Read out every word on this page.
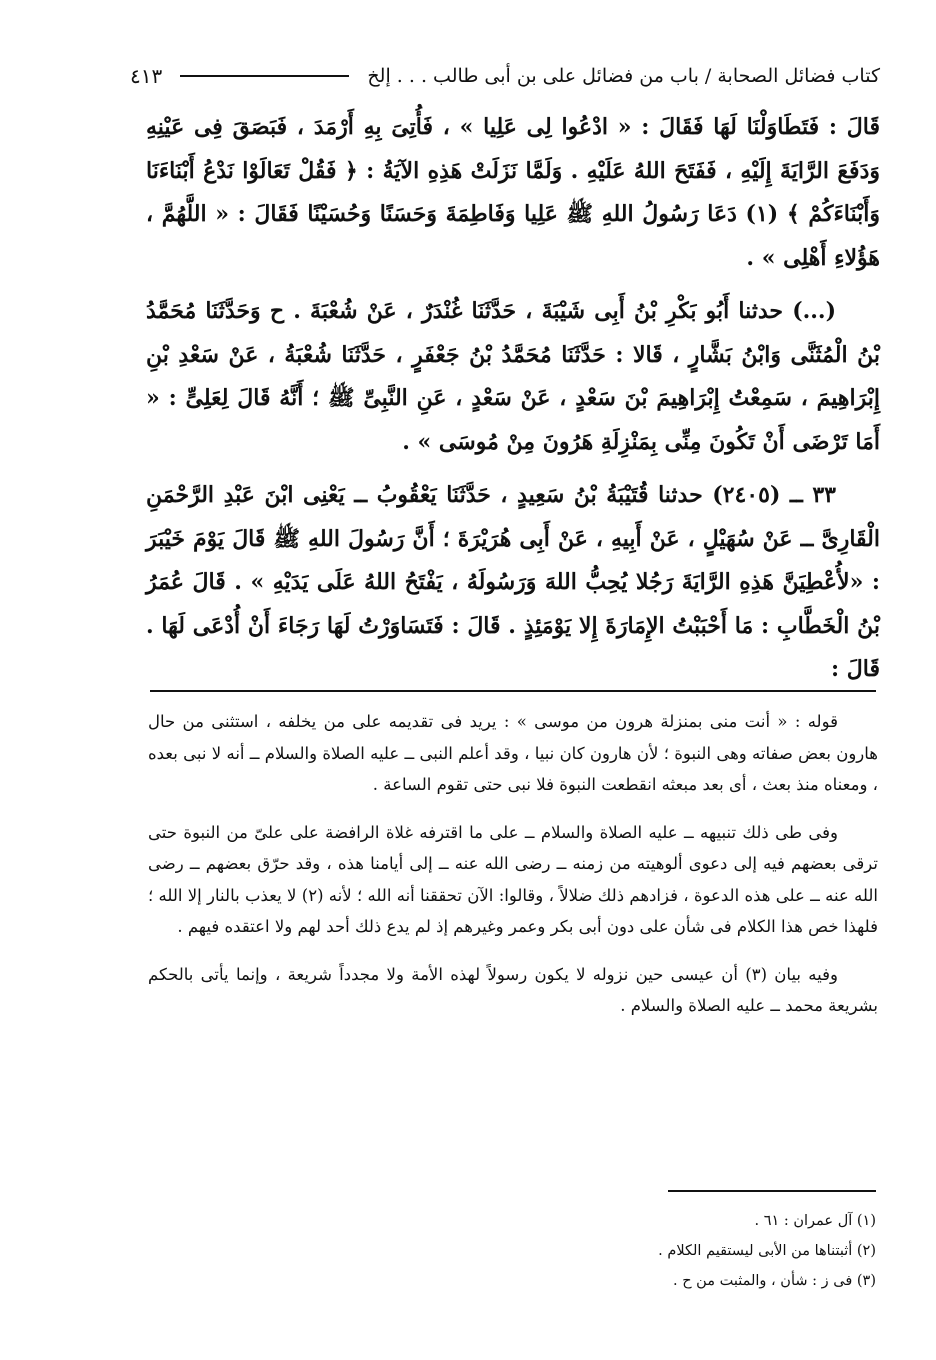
كتاب فضائل الصحابة / باب من فضائل على بن أبى طالب . . . إلخ
٤١٣

قَالَ : فَتَطَاوَلْنَا لَهَا فَقَالَ : « ادْعُوا لِى عَلِيا » ، فَأُتِىَ بِهِ أَرْمَدَ ، فَبَصَقَ فِى عَيْنِهِ وَدَفَعَ الرَّايَةَ إِلَيْهِ ، فَفَتَحَ اللهُ عَلَيْهِ . وَلَمَّا نَزَلَتْ هَذِهِ الآيَةُ : ﴿ فَقُلْ تَعَالَوْا نَدْعُ أَبْنَاءَنَا وَأَبْنَاءَكُمْ ﴾ (١) دَعَا رَسُولُ اللهِ ﷺ عَلِيا وَفَاطِمَةَ وَحَسَنًا وَحُسَيْنًا فَقَالَ : « اللَّهُمَّ ، هَؤُلاءِ أَهْلِى » .

(...) حدثنا أَبُو بَكْرِ بْنُ أَبِى شَيْبَةَ ، حَدَّثَنَا غُنْدَرٌ ، عَنْ شُعْبَةَ . ح وَحَدَّثَنَا مُحَمَّدُ بْنُ الْمُثَنَّى وَابْنُ بَشَّارٍ ، قَالا : حَدَّثَنَا مُحَمَّدُ بْنُ جَعْفَرٍ ، حَدَّثَنَا شُعْبَةُ ، عَنْ سَعْدِ بْنِ إِبْرَاهِيمَ ، سَمِعْتُ إِبْرَاهِيمَ بْنَ سَعْدٍ ، عَنْ سَعْدٍ ، عَنِ النَّبِىِّ ﷺ ؛ أَنَّهُ قَالَ لِعَلِىٍّ : « أَمَا تَرْضَى أَنْ تَكُونَ مِنِّى بِمَنْزِلَةِ هَرُونَ مِنْ مُوسَى » .

٣٣ ــ (٢٤٠٥) حدثنا قُتَيْبَةُ بْنُ سَعِيدٍ ، حَدَّثَنَا يَعْقُوبُ ــ يَعْنِى ابْنَ عَبْدِ الرَّحْمَنِ الْقَارِىَّ ــ عَنْ سُهَيْلٍ ، عَنْ أَبِيهِ ، عَنْ أَبِى هُرَيْرَةَ ؛ أَنَّ رَسُولَ اللهِ ﷺ قَالَ يَوْمَ خَيْبَرَ : «لأُعْطِيَنَّ هَذِهِ الرَّايَةَ رَجُلا يُحِبُّ اللهَ وَرَسُولَهُ ، يَفْتَحُ اللهُ عَلَى يَدَيْهِ » . قَالَ عُمَرُ بْنُ الْخَطَّابِ : مَا أَحْبَبْتُ الإِمَارَةَ إِلا يَوْمَئِذٍ . قَالَ : فَتَسَاوَرْتُ لَهَا رَجَاءَ أَنْ أُدْعَى لَهَا . قَالَ :

قوله : « أنت منى بمنزلة هرون من موسى » : يريد فى تقديمه على من يخلفه ، استثنى من حال هارون بعض صفاته وهى النبوة ؛ لأن هارون كان نبيا ، وقد أعلم النبى ــ عليه الصلاة والسلام ــ أنه لا نبى بعده ، ومعناه منذ بعث ، أى بعد مبعثه انقطعت النبوة فلا نبى حتى تقوم الساعة .

وفى طى ذلك تنبيهه ــ عليه الصلاة والسلام ــ على ما اقترفه غلاة الرافضة على علىّ من النبوة حتى ترقى بعضهم فيه إلى دعوى ألوهيته من زمنه ــ رضى الله عنه ــ إلى أيامنا هذه ، وقد حرّق بعضهم ــ رضى الله عنه ــ على هذه الدعوة ، فزادهم ذلك ضلالاً ، وقالوا: الآن تحققنا أنه الله ؛ لأنه (٢) لا يعذب بالنار إلا الله ؛ فلهذا خص هذا الكلام فى شأن على دون أبى بكر وعمر وغيرهم إذ لم يدع ذلك أحد لهم ولا اعتقده فيهم .

وفيه بيان (٣) أن عيسى حين نزوله لا يكون رسولاً لهذه الأمة ولا مجدداً شريعة ، وإنما يأتى بالحكم بشريعة محمد ــ عليه الصلاة والسلام .

(١) آل عمران : ٦١ .
(٢) أثبتناها من الأبى ليستقيم الكلام .
(٣) فى ز : شأن ، والمثبت من ح .
